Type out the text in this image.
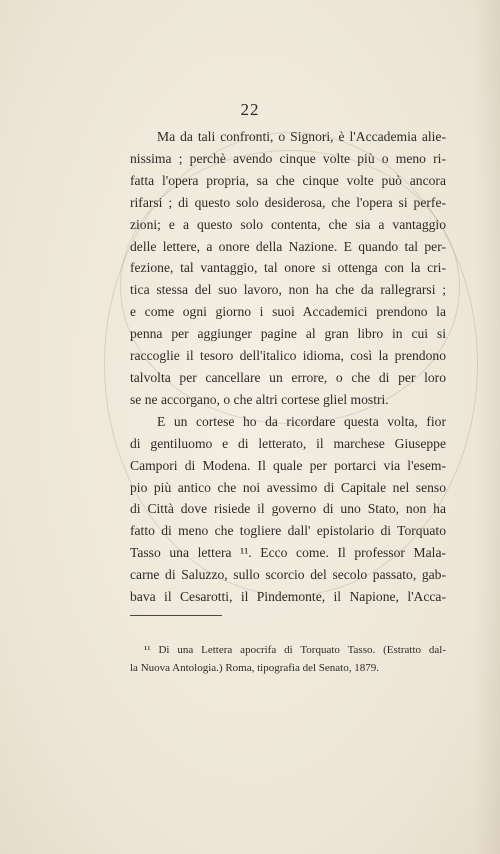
22
Ma da tali confronti, o Signori, è l'Accademia alie-
nissima ; perchè avendo cinque volte più o meno ri-
fatta l'opera propria, sa che cinque volte può ancora
rifarsi ; di questo solo desiderosa, che l'opera si perfe-
zioni; e a questo solo contenta, che sia a vantaggio
delle lettere, a onore della Nazione. E quando tal per-
fezione, tal vantaggio, tal onore si ottenga con la cri-
tica stessa del suo lavoro, non ha che da rallegrarsi ;
e come ogni giorno i suoi Accademici prendono la
penna per aggiunger pagine al gran libro in cui si
raccoglie il tesoro dell'italico idioma, così la prendono
talvolta per cancellare un errore, o che di per loro
se ne accorgano, o che altri cortese gliel mostri.
E un cortese ho da ricordare questa volta, fior
di gentiluomo e di letterato, il marchese Giuseppe
Campori di Modena. Il quale per portarci via l'esem-
pio più antico che noi avessimo di Capitale nel senso
di Città dove risiede il governo di uno Stato, non ha
fatto di meno che togliere dall' epistolario di Torquato
Tasso una lettera ¹¹. Ecco come. Il professor Mala-
carne di Saluzzo, sullo scorcio del secolo passato, gab-
bava il Cesarotti, il Pindemonte, il Napione, l'Acca-
¹¹ Di una Lettera apocrifa di Torquato Tasso. (Estratto dal-
la Nuova Antologia.) Roma, tipografia del Senato, 1879.
